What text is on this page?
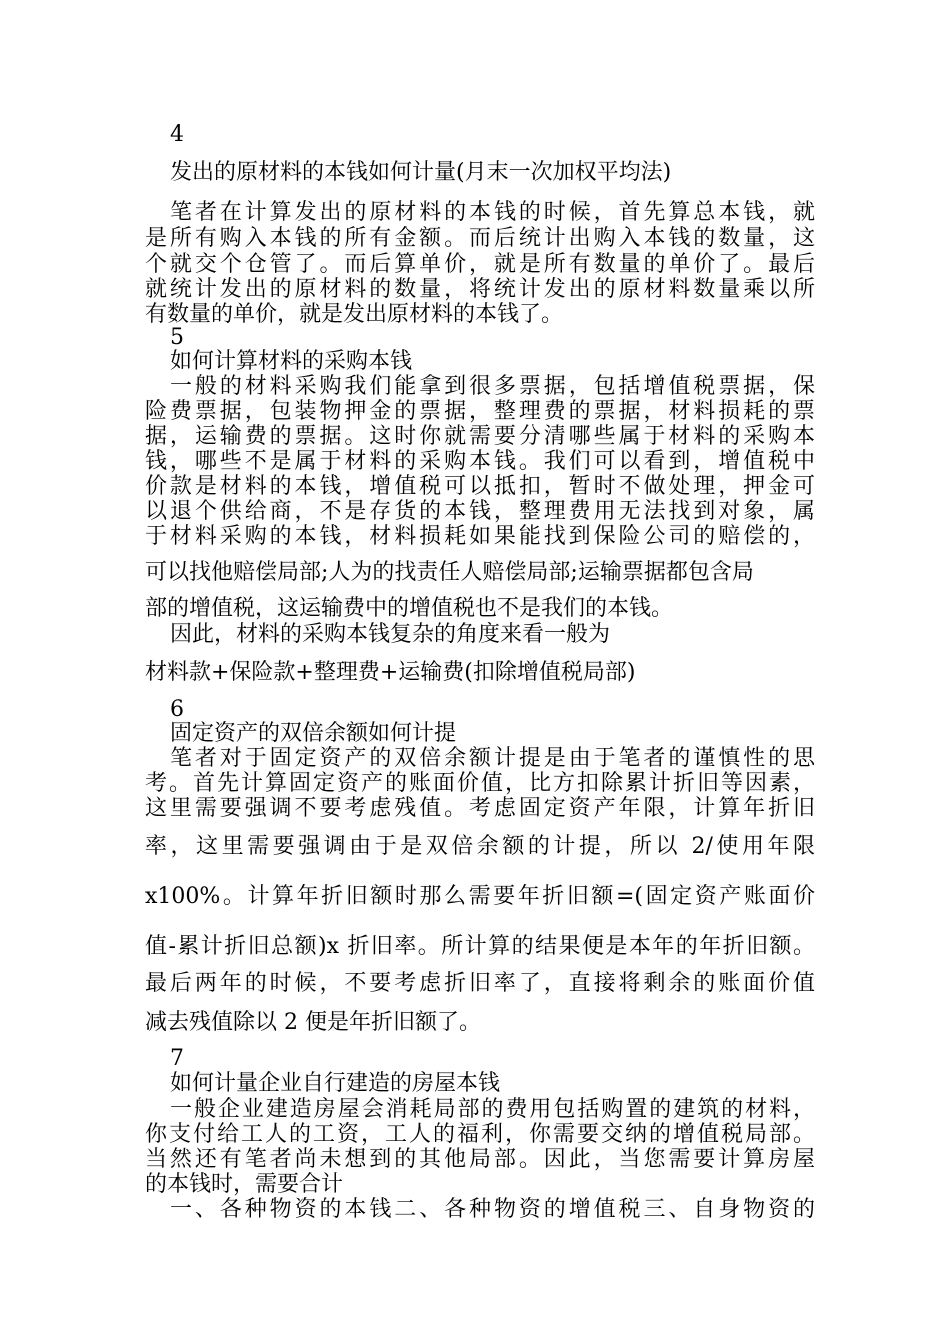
4
发出的原材料的本钱如何计量(月末一次加权平均法)
笔者在计算发出的原材料的本钱的时候，首先算总本钱，就
是所有购入本钱的所有金额。而后统计出购入本钱的数量，这
个就交个仓管了。而后算单价，就是所有数量的单价了。最后
就统计发出的原材料的数量，将统计发出的原材料数量乘以所
有数量的单价，就是发出原材料的本钱了。
5
如何计算材料的采购本钱
一般的材料采购我们能拿到很多票据，包括增值税票据，保
险费票据，包装物押金的票据，整理费的票据，材料损耗的票
据，运输费的票据。这时你就需要分清哪些属于材料的采购本
钱，哪些不是属于材料的采购本钱。我们可以看到，增值税中
价款是材料的本钱，增值税可以抵扣，暂时不做处理，押金可
以退个供给商，不是存货的本钱，整理费用无法找到对象，属
于材料采购的本钱，材料损耗如果能找到保险公司的赔偿的，
可以找他赔偿局部;人为的找责任人赔偿局部;运输票据都包含局
部的增值税，这运输费中的增值税也不是我们的本钱。
因此，材料的采购本钱复杂的角度来看一般为
材料款+保险款+整理费+运输费(扣除增值税局部)
6
固定资产的双倍余额如何计提
笔者对于固定资产的双倍余额计提是由于笔者的谨慎性的思
考。首先计算固定资产的账面价值，比方扣除累计折旧等因素，
这里需要强调不要考虑残值。考虑固定资产年限，计算年折旧
率，这里需要强调由于是双倍余额的计提，所以 2/使用年限
x100%。计算年折旧额时那么需要年折旧额=(固定资产账面价
值-累计折旧总额)x 折旧率。所计算的结果便是本年的年折旧额。
最后两年的时候，不要考虑折旧率了，直接将剩余的账面价值
减去残值除以 2 便是年折旧额了。
7
如何计量企业自行建造的房屋本钱
一般企业建造房屋会消耗局部的费用包括购置的建筑的材料，
你支付给工人的工资，工人的福利，你需要交纳的增值税局部。
当然还有笔者尚未想到的其他局部。因此，当您需要计算房屋
的本钱时，需要合计
一、各种物资的本钱二、各种物资的增值税三、自身物资的
